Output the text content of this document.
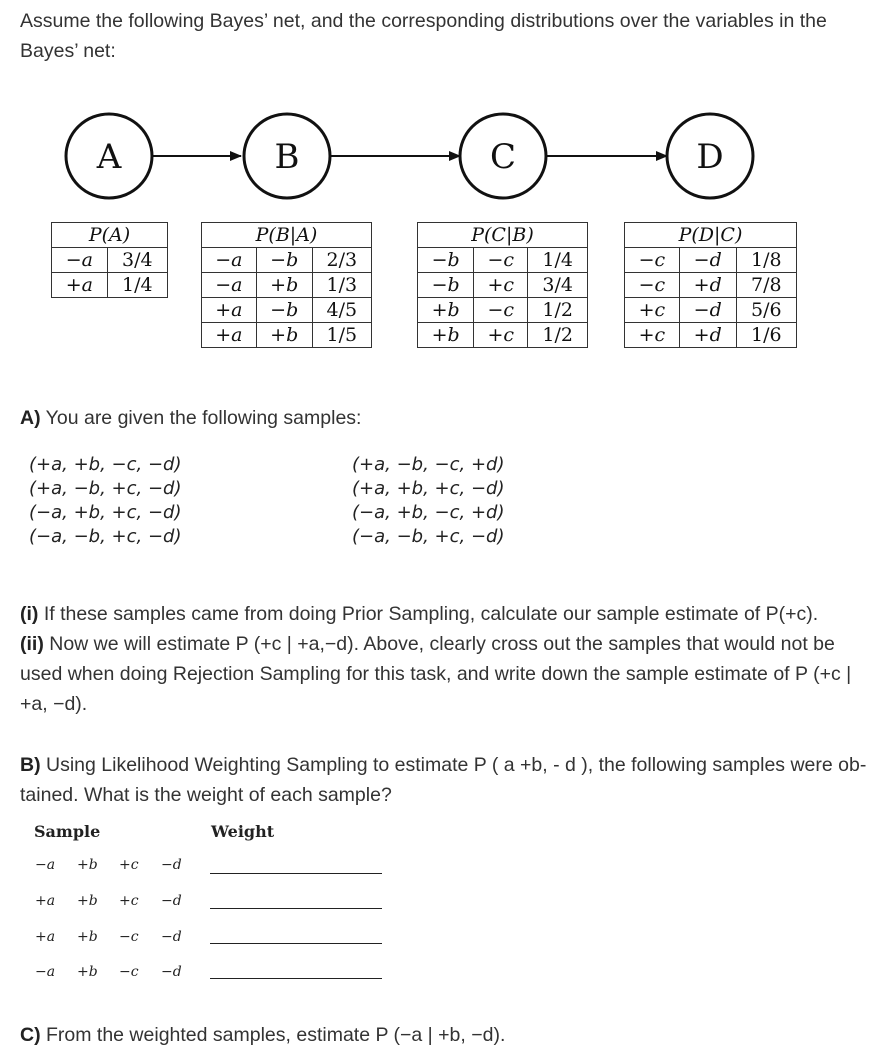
Assume the following Bayes’ net, and the corresponding distributions over the variables in the Bayes’ net:
A	B	C	D
P(A)	
−a	3/4
+a	1/4
P(B|A)		
−a	−b	2/3
−a	+b	1/3
+a	−b	4/5
+a	+b	1/5
P(C|B)		
−b	−c	1/4
−b	+c	3/4
+b	−c	1/2
+b	+c	1/2
P(D|C)		
−c	−d	1/8
−c	+d	7/8
+c	−d	5/6
+c	+d	1/6
A) You are given the following samples:
(+a, +b, −c, −d)
(+a, −b, +c, −d)
(−a, +b, +c, −d)
(−a, −b, +c, −d)
(+a, −b, −c, +d)
(+a, +b, +c, −d)
(−a, +b, −c, +d)
(−a, −b, +c, −d)
(i) If these samples came from doing Prior Sampling, calculate our sample estimate of P(+c).
(ii) Now we will estimate P (+c | +a,−d). Above, clearly cross out the samples that would not be used when doing Rejection Sampling for this task, and write down the sample estimate of P (+c | +a, −d).
B) Using Likelihood Weighting Sampling to estimate P ( a +b, - d ), the following samples were ob- tained. What is the weight of each sample?
Sample	Weight
−a +b +c −d
+a +b +c −d
+a +b −c −d
−a +b −c −d
C) From the weighted samples, estimate P (−a | +b, −d).
